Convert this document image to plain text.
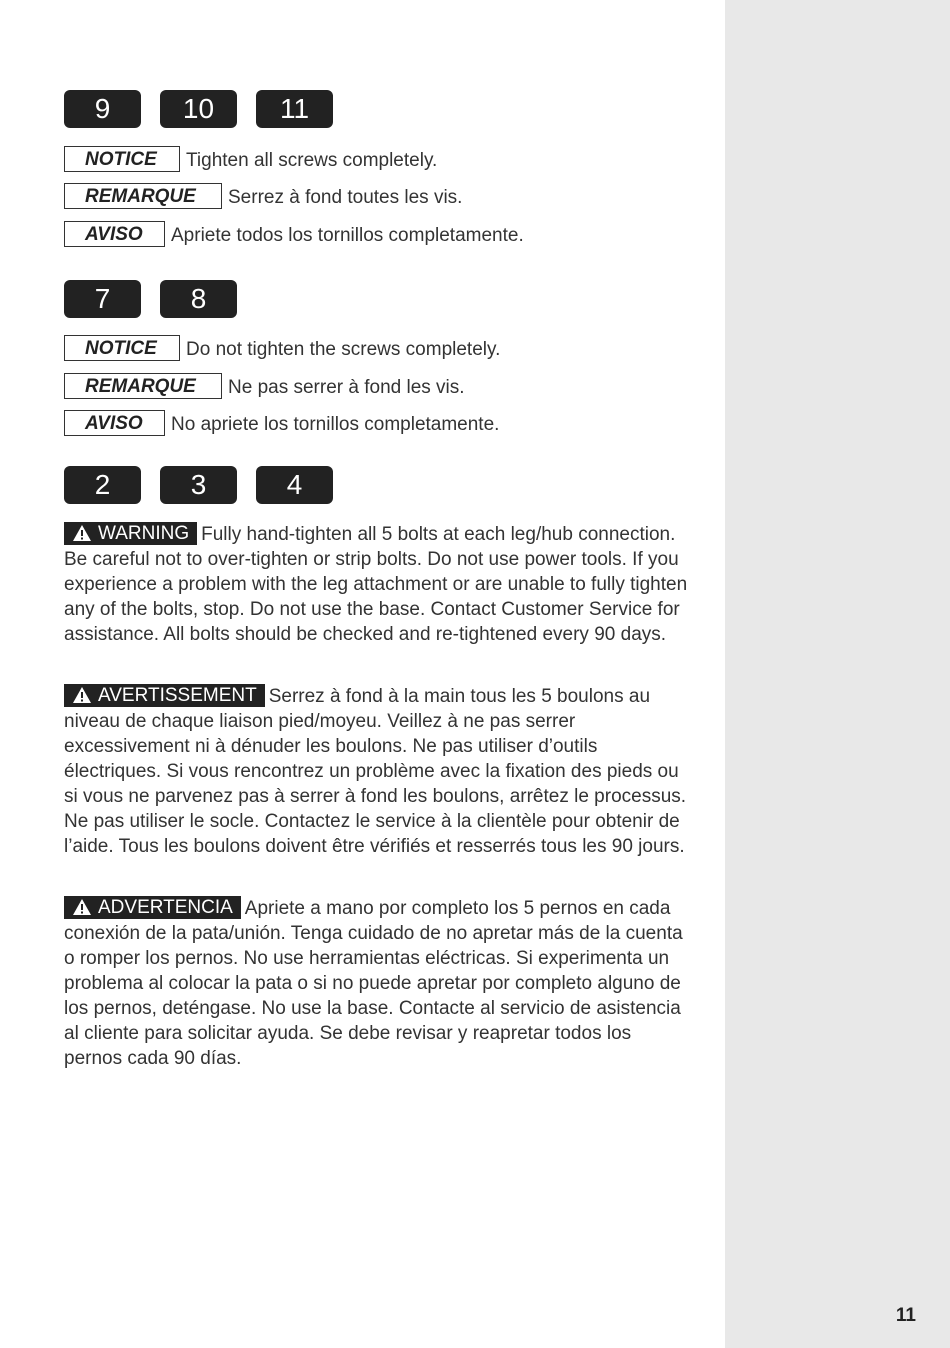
11
9	10	11
NOTICE	Tighten all screws completely.
REMARQUE	Serrez à fond toutes les vis.
AVISO	Apriete todos los tornillos completamente.
7	8
NOTICE	Do not tighten the screws completely.
REMARQUE	Ne pas serrer à fond les vis.
AVISO	No apriete los tornillos completamente.
2	3	4
WARNING Fully hand-tighten all 5 bolts at each leg/hub connection. Be careful not to over-tighten or strip bolts. Do not use power tools. If you experience a problem with the leg attachment or are unable to fully tighten any of the bolts, stop. Do not use the base. Contact Customer Service for assistance. All bolts should be checked and re-tightened every 90 days.
AVERTISSEMENT Serrez à fond à la main tous les 5 boulons au niveau de chaque liaison pied/moyeu. Veillez à ne pas serrer excessivement ni à dénuder les boulons. Ne pas utiliser d’outils électriques. Si vous rencontrez un problème avec la fixation des pieds ou si vous ne parvenez pas à serrer à fond les boulons, arrêtez le processus. Ne pas utiliser le socle. Contactez le service à la clientèle pour obtenir de l’aide. Tous les boulons doivent être vérifiés et resserrés tous les 90 jours.
ADVERTENCIA Apriete a mano por completo los 5 pernos en cada conexión de la pata/unión. Tenga cuidado de no apretar más de la cuenta o romper los pernos. No use herramientas eléctricas. Si experimenta un problema al colocar la pata o si no puede apretar por completo alguno de los pernos, deténgase. No use la base. Contacte al servicio de asistencia al cliente para solicitar ayuda. Se debe revisar y reapretar todos los pernos cada 90 días.
